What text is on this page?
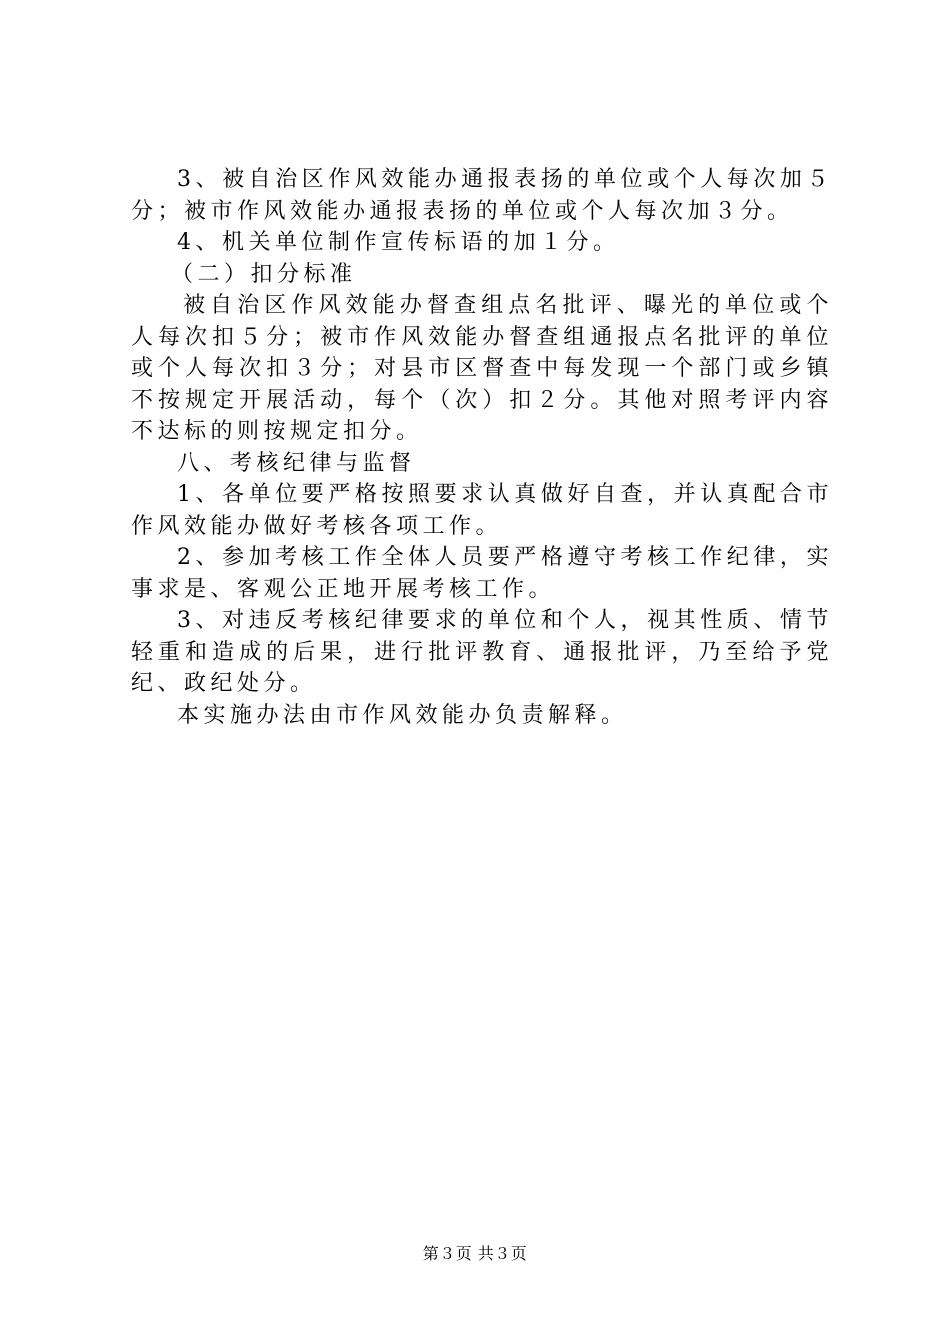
3、被自治区作风效能办通报表扬的单位或个人每次加５分；被市作风效能办通报表扬的单位或个人每次加３分。

4、机关单位制作宣传标语的加１分。

（二）扣分标准

被自治区作风效能办督查组点名批评、曝光的单位或个人每次扣５分；被市作风效能办督查组通报点名批评的单位或个人每次扣３分；对县市区督查中每发现一个部门或乡镇不按规定开展活动，每个（次）扣２分。其他对照考评内容不达标的则按规定扣分。

八、考核纪律与监督

1、各单位要严格按照要求认真做好自查，并认真配合市作风效能办做好考核各项工作。

2、参加考核工作全体人员要严格遵守考核工作纪律，实事求是、客观公正地开展考核工作。

3、对违反考核纪律要求的单位和个人，视其性质、情节轻重和造成的后果，进行批评教育、通报批评，乃至给予党纪、政纪处分。

本实施办法由市作风效能办负责解释。

第３页 共３页
